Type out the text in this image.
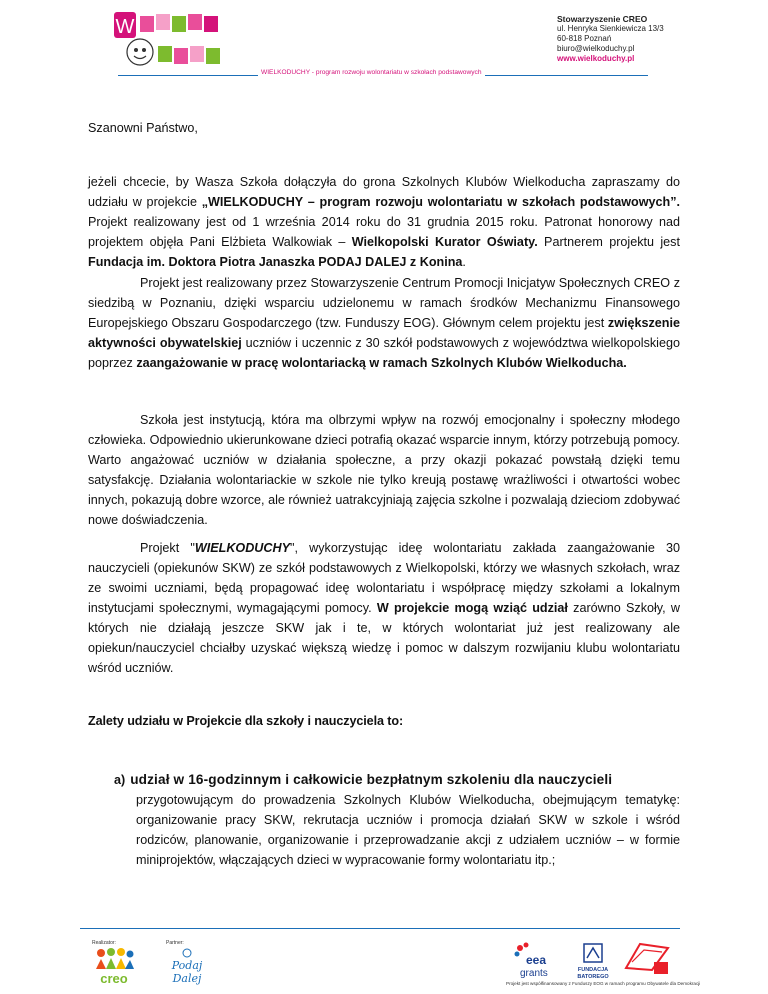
W	Stowarzyszenie CREO
ul. Henryka Sienkiewicza 13/3
60-818 Poznań
biuro@wielkoduchy.pl
www.wielkoduchy.pl
WIELKODUCHY - program rozwoju wolontariatu w szkołach podstawowych

Szanowni Państwo,

jeżeli chcecie, by Wasza Szkoła dołączyła do grona Szkolnych Klubów Wielkoducha zapraszamy do udziału w projekcie „WIELKODUCHY – program rozwoju wolontariatu w szkołach podstawowych”. Projekt realizowany jest od 1 września 2014 roku do 31 grudnia 2015 roku. Patronat honorowy nad projektem objęła Pani Elżbieta Walkowiak – Wielkopolski Kurator Oświaty. Partnerem projektu jest Fundacja im. Doktora Piotra Janaszka PODAJ DALEJ z Konina.

Projekt jest realizowany przez Stowarzyszenie Centrum Promocji Inicjatyw Społecznych CREO z siedzibą w Poznaniu, dzięki wsparciu udzielonemu w ramach środków Mechanizmu Finansowego Europejskiego Obszaru Gospodarczego (tzw. Funduszy EOG). Głównym celem projektu jest zwiększenie aktywności obywatelskiej uczniów i uczennic z 30 szkół podstawowych z województwa wielkopolskiego poprzez zaangażowanie w pracę wolontariacką w ramach Szkolnych Klubów Wielkoducha.

Szkoła jest instytucją, która ma olbrzymi wpływ na rozwój emocjonalny i społeczny młodego człowieka. Odpowiednio ukierunkowane dzieci potrafią okazać wsparcie innym, którzy potrzebują pomocy. Warto angażować uczniów w działania społeczne, a przy okazji pokazać powstałą dzięki temu satysfakcję. Działania wolontariackie w szkole nie tylko kreują postawę wrażliwości i otwartości wobec innych, pokazują dobre wzorce, ale również uatrakcyjniają zajęcia szkolne i pozwalają dzieciom zdobywać nowe doświadczenia.

Projekt "WIELKODUCHY", wykorzystując ideę wolontariatu zakłada zaangażowanie 30 nauczycieli (opiekunów SKW) ze szkół podstawowych z Wielkopolski, którzy we własnych szkołach, wraz ze swoimi uczniami, będą propagować ideę wolontariatu i współpracę między szkołami a lokalnym instytucjami społecznymi, wymagającymi pomocy. W projekcie mogą wziąć udział zarówno Szkoły, w których nie działają jeszcze SKW jak i te, w których wolontariat już jest realizowany ale opiekun/nauczyciel chciałby uzyskać większą wiedzę i pomoc w dalszym rozwijaniu klubu wolontariatu wśród uczniów.

Zalety udziału w Projekcie dla szkoły i nauczyciela to:

a) udział w 16-godzinnym i całkowicie bezpłatnym szkoleniu dla nauczycieli
przygotowującym do prowadzenia Szkolnych Klubów Wielkoducha, obejmującym tematykę: organizowanie pracy SKW, rekrutacja uczniów i promocja działań SKW w szkole i wśród rodziców, planowanie, organizowanie i przeprowadzanie akcji z udziałem uczniów – w formie miniprojektów, włączających dzieci w wypracowanie formy wolontariatu itp.;
Realizator:	Partner:
creo
Podaj
Dalej
eea
grants	FUNDACJA
BATOREGO
Projekt jest współfinansowany z Funduszy EOG w ramach programu Obywatele dla Demokracji
